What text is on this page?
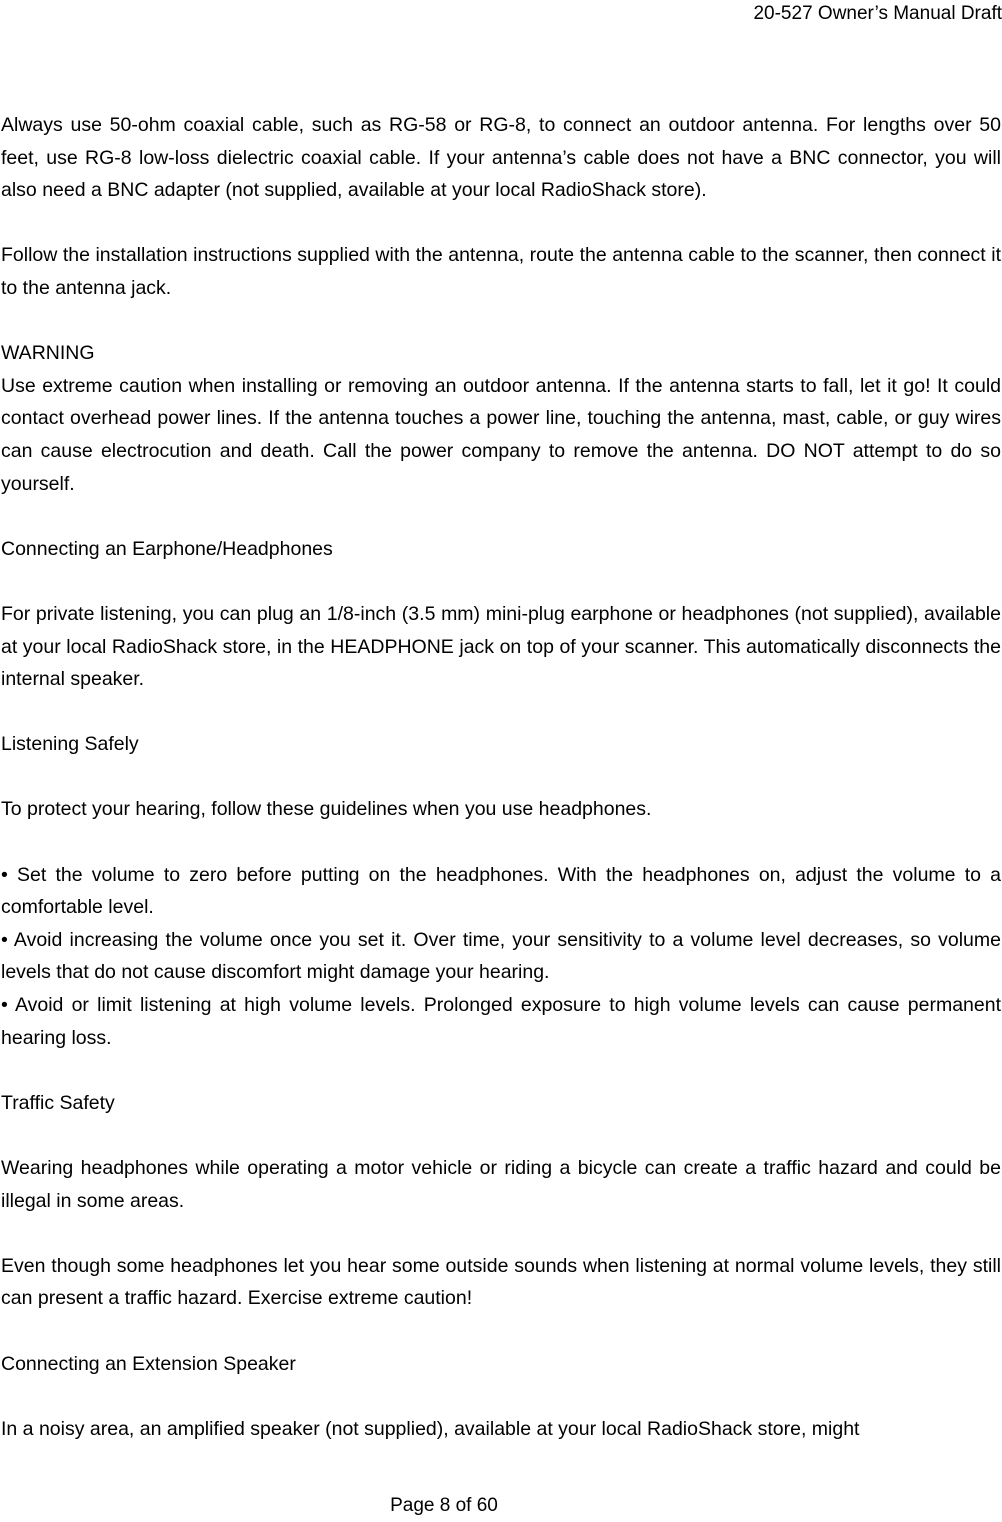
20-527 Owner’s Manual Draft

Always use 50-ohm coaxial cable, such as RG-58 or RG-8, to connect an outdoor antenna. For lengths over 50 feet, use RG-8 low-loss dielectric coaxial cable. If your antenna’s cable does not have a BNC connector, you will also need a BNC adapter (not supplied, available at your local RadioShack store).

Follow the installation instructions supplied with the antenna, route the antenna cable to the scanner, then connect it to the antenna jack.

WARNING

Use extreme caution when installing or removing an outdoor antenna. If the antenna starts to fall, let it go! It could contact overhead power lines. If the antenna touches a power line, touching the antenna, mast, cable, or guy wires can cause electrocution and death. Call the power company to remove the antenna. DO NOT attempt to do so yourself.

Connecting an Earphone/Headphones

For private listening, you can plug an 1/8-inch (3.5 mm) mini-plug earphone or headphones (not supplied), available at your local RadioShack store, in the HEADPHONE jack on top of your scanner. This automatically disconnects the internal speaker.

Listening Safely

To protect your hearing, follow these guidelines when you use headphones.

• Set the volume to zero before putting on the headphones. With the headphones on, adjust the volume to a comfortable level.
• Avoid increasing the volume once you set it. Over time, your sensitivity to a volume level decreases, so volume levels that do not cause discomfort might damage your hearing.
• Avoid or limit listening at high volume levels. Prolonged exposure to high volume levels can cause permanent hearing loss.
Traffic Safety

Wearing headphones while operating a motor vehicle or riding a bicycle can create a traffic hazard and could be illegal in some areas.

Even though some headphones let you hear some outside sounds when listening at normal volume levels, they still can present a traffic hazard. Exercise extreme caution!

Connecting an Extension Speaker

In a noisy area, an amplified speaker (not supplied), available at your local RadioShack store, might

Page 8 of 60
